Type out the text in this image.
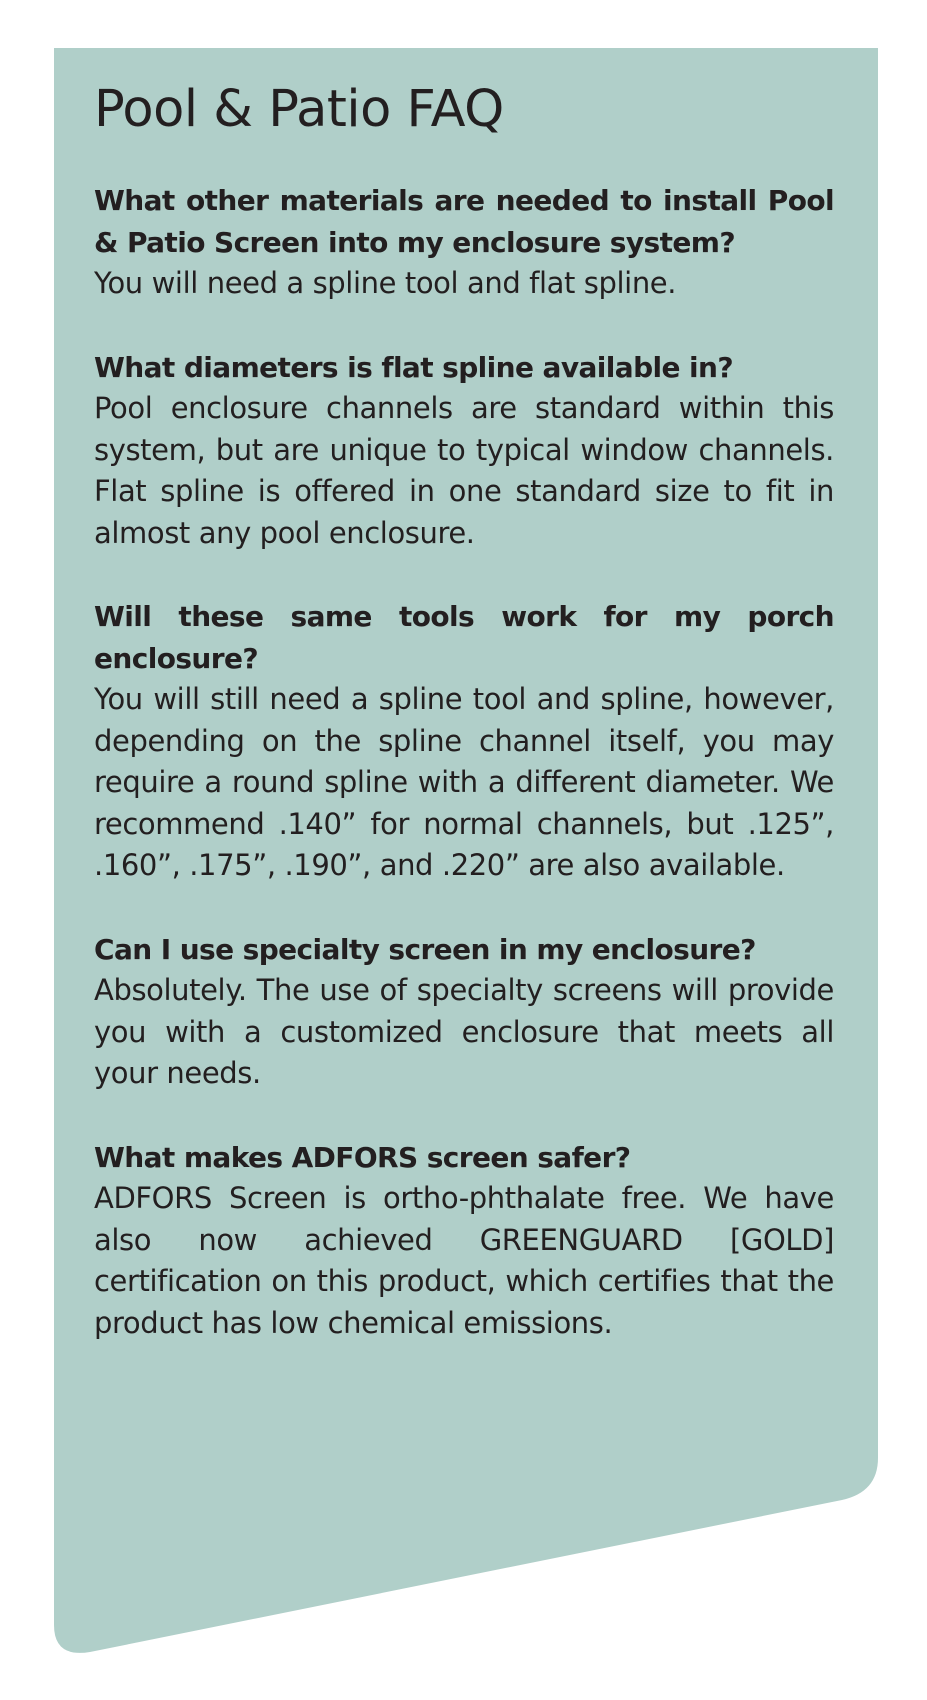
Pool & Patio FAQ

What other materials are needed to install Pool & Patio Screen into my enclosure system?

You will need a spline tool and flat spline.

What diameters is flat spline available in?

Pool enclosure channels are standard within this system, but are unique to typical window channels. Flat spline is offered in one standard size to fit in almost any pool enclosure.

Will these same tools work for my porch enclosure?

You will still need a spline tool and spline, however, depending on the spline channel itself, you may require a round spline with a different diameter. We recommend .140” for normal channels, but .125”, .160”, .175”, .190”, and .220” are also available.

Can I use specialty screen in my enclosure?

Absolutely. The use of specialty screens will provide you with a customized enclosure that meets all your needs.

What makes ADFORS screen safer?

ADFORS Screen is ortho-phthalate free. We have also now achieved GREENGUARD [GOLD] certification on this product, which certifies that the product has low chemical emissions.
